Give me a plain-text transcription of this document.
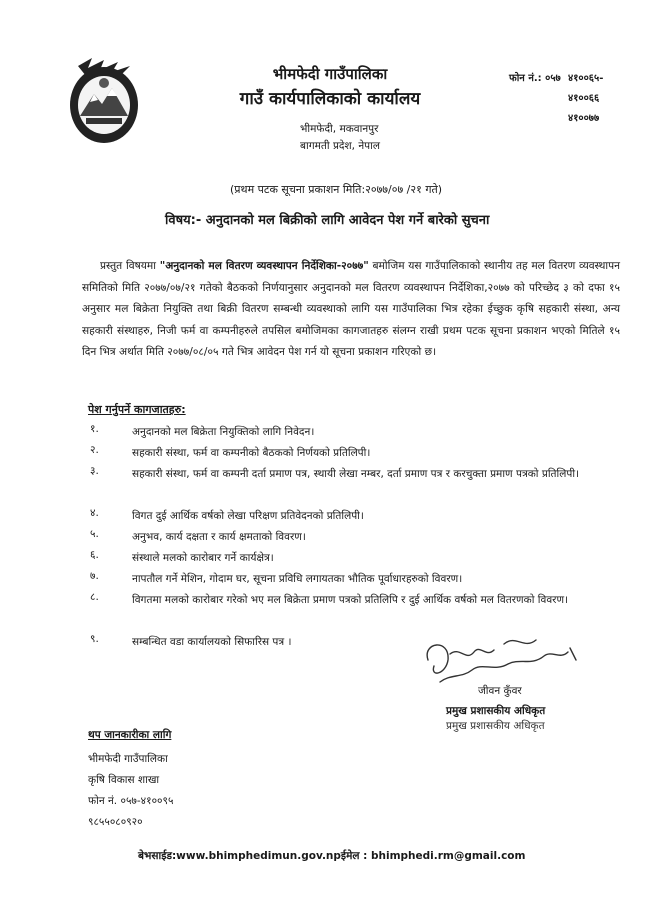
भीमफेदी गाउँपालिका
गाउँ कार्यपालिकाको कार्यालय
भीमफेदी, मकवानपुर
बागमती प्रदेश, नेपाल
फोन नं.: ०५७ ४१००६५-
४१००६६
४१००७७
(प्रथम पटक सूचना प्रकाशन मिति:२०७७/०७ /२१ गते)
विषय:- अनुदानको मल बिक्रीको लागि आवेदन पेश गर्ने बारेको सुचना
प्रस्तुत विषयमा "अनुदानको मल वितरण व्यवस्थापन निर्देशिका-२०७७" बमोजिम यस गाउँपालिकाको स्थानीय तह मल वितरण व्यवस्थापन समितिको मिति २०७७/०७/२१ गतेको बैठकको निर्णयानुसार अनुदानको मल वितरण व्यवस्थापन निर्देशिका,२०७७ को परिच्छेद ३ को दफा १५ अनुसार मल बिक्रेता नियुक्ति तथा बिक्री वितरण सम्बन्धी व्यवस्थाको लागि यस गाउँपालिका भित्र रहेका ईच्छुक कृषि सहकारी संस्था, अन्य सहकारी संस्थाहरु, निजी फर्म वा कम्पनीहरुले तपसिल बमोजिमका कागजातहरु संलग्न राखी प्रथम पटक सूचना प्रकाशन भएको मितिले १५ दिन भित्र अर्थात मिति २०७७/०८/०५ गते भित्र आवेदन पेश गर्न यो सूचना प्रकाशन गरिएको छ।
पेश गर्नुपर्ने कागजातहरु:
१.	अनुदानको मल बिक्रेता नियुक्तिको लागि निवेदन।
२.	सहकारी संस्था, फर्म वा कम्पनीको बैठकको निर्णयको प्रतिलिपी।
३.	सहकारी संस्था, फर्म वा कम्पनी दर्ता प्रमाण पत्र, स्थायी लेखा नम्बर, दर्ता प्रमाण पत्र र करचुक्ता प्रमाण पत्रको प्रतिलिपी।
४.	विगत दुई आर्थिक वर्षको लेखा परिक्षण प्रतिवेदनको प्रतिलिपी।
५.	अनुभव, कार्य दक्षता र कार्य क्षमताको विवरण।
६.	संस्थाले मलको कारोबार गर्ने कार्यक्षेत्र।
७.	नापतौल गर्ने मेशिन, गोदाम घर, सूचना प्रविधि लगायतका भौतिक पूर्वाधारहरुको विवरण।
८.	विगतमा मलको कारोबार गरेको भए मल बिक्रेता प्रमाण पत्रको प्रतिलिपि र दुई आर्थिक वर्षको मल वितरणको विवरण।
९.	सम्बन्धित वडा कार्यालयको सिफारिस पत्र ।
जीवन कुँवर
प्रमुख प्रशासकीय अधिकृत
प्रमुख प्रशासकीय अधिकृत
थप जानकारीका लागि
भीमफेदी गाउँपालिका
कृषि विकास शाखा
फोन नं. ०५७-४१००९५
९८५५०८०९२०
बेभसाईड:www.bhimphedimun.gov.npईमेल : bhimphedi.rm@gmail.com
